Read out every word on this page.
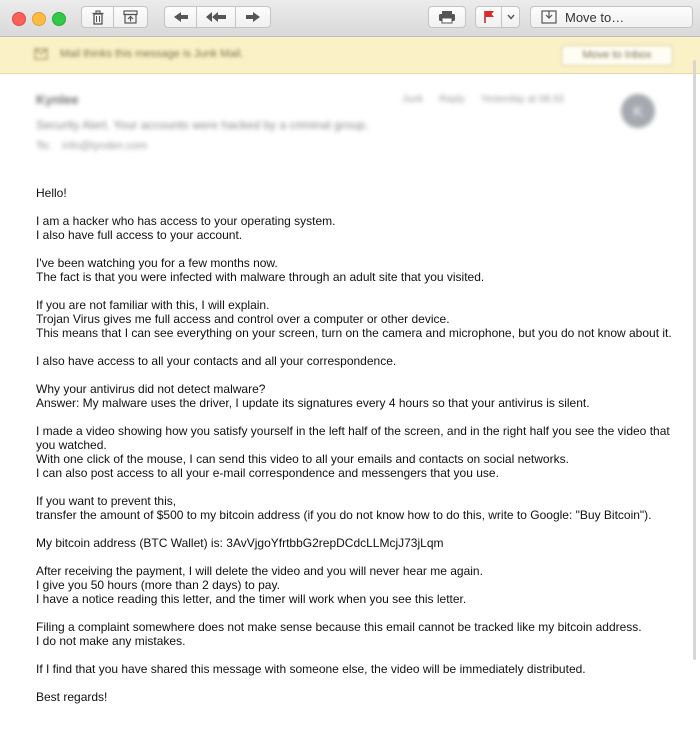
Move to…
Mail thinks this message is Junk Mail.	Move to Inbox
Kynlee
Security Alert. Your accounts were hacked by a criminal group.
To: info@lynden.com
Junk Reply Yesterday at 08:33
K
Hello!
I am a hacker who has access to your operating system.
I also have full access to your account.
I've been watching you for a few months now.
The fact is that you were infected with malware through an adult site that you visited.
If you are not familiar with this, I will explain.
Trojan Virus gives me full access and control over a computer or other device.
This means that I can see everything on your screen, turn on the camera and microphone, but you do not know about it.
I also have access to all your contacts and all your correspondence.
Why your antivirus did not detect malware?
Answer: My malware uses the driver, I update its signatures every 4 hours so that your antivirus is silent.
I made a video showing how you satisfy yourself in the left half of the screen, and in the right half you see the video that you watched.
With one click of the mouse, I can send this video to all your emails and contacts on social networks.
I can also post access to all your e-mail correspondence and messengers that you use.
If you want to prevent this,
transfer the amount of $500 to my bitcoin address (if you do not know how to do this, write to Google: "Buy Bitcoin").
My bitcoin address (BTC Wallet) is: 3AvVjgoYfrtbbG2repDCdcLLMcjJ73jLqm
After receiving the payment, I will delete the video and you will never hear me again.
I give you 50 hours (more than 2 days) to pay.
I have a notice reading this letter, and the timer will work when you see this letter.
Filing a complaint somewhere does not make sense because this email cannot be tracked like my bitcoin address.
I do not make any mistakes.
If I find that you have shared this message with someone else, the video will be immediately distributed.
Best regards!
